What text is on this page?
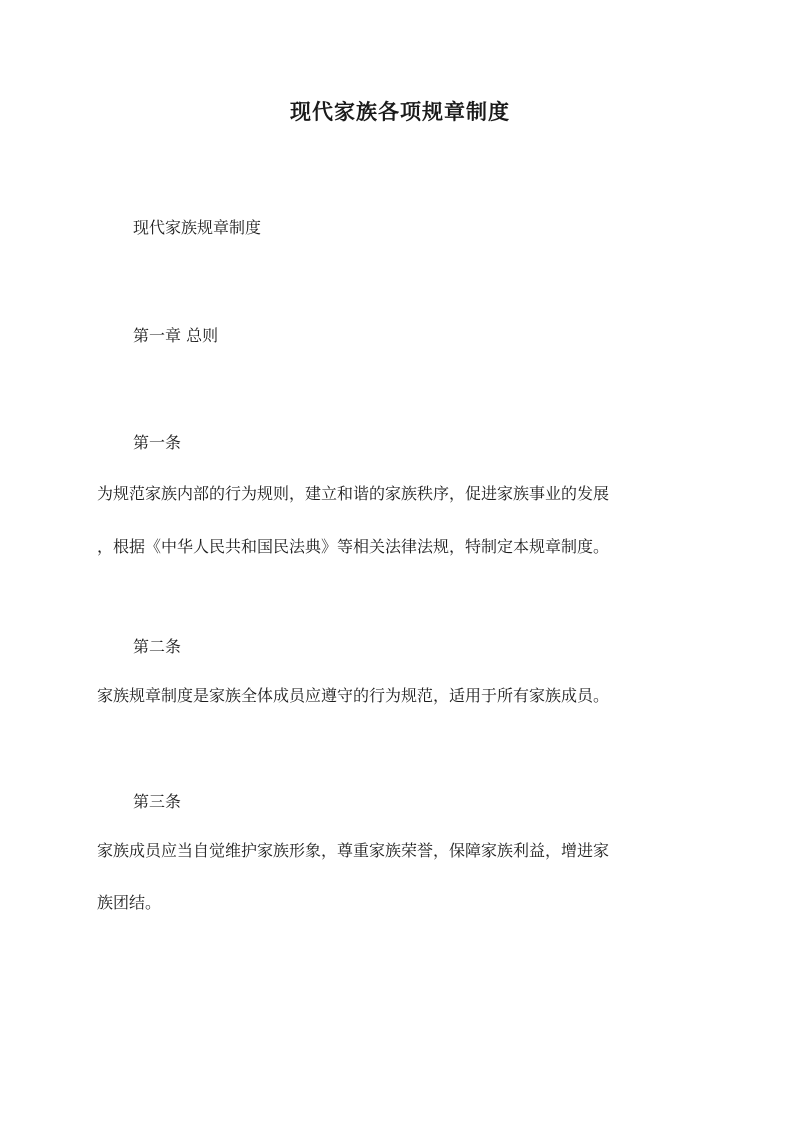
现代家族各项规章制度

现代家族规章制度

第一章 总则

第一条

为规范家族内部的行为规则，建立和谐的家族秩序，促进家族事业的发展
，根据《中华人民共和国民法典》等相关法律法规，特制定本规章制度。

第二条

家族规章制度是家族全体成员应遵守的行为规范，适用于所有家族成员。

第三条

家族成员应当自觉维护家族形象，尊重家族荣誉，保障家族利益，增进家
族团结。
